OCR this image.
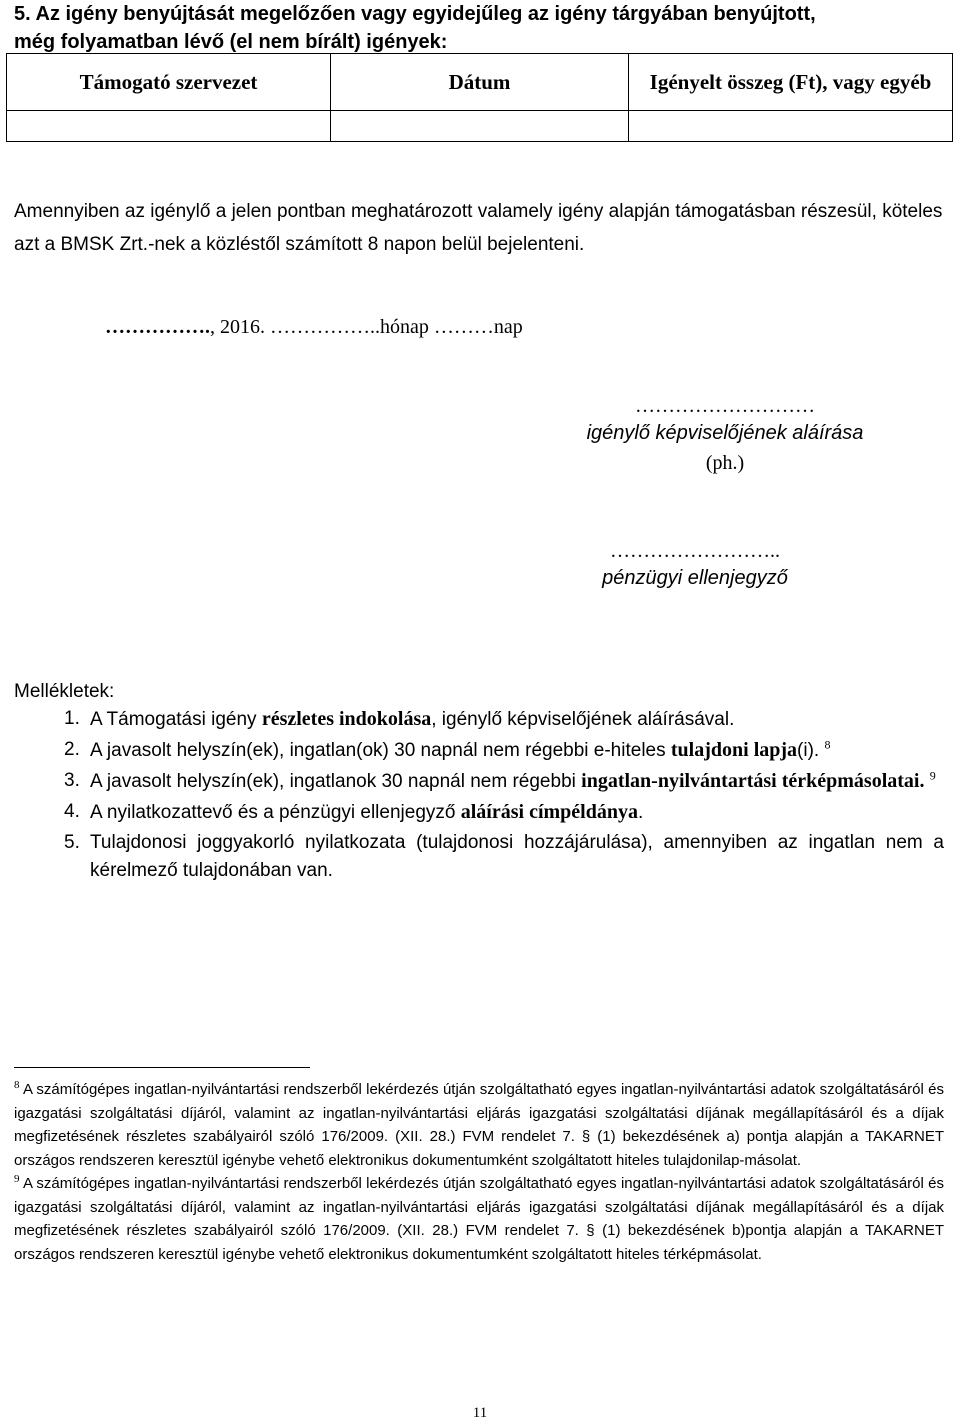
5. Az igény benyújtását megelőzően vagy egyidejűleg az igény tárgyában benyújtott,
még folyamatban lévő (el nem bírált) igények:
Támogató szervezet	Dátum	Igényelt összeg (Ft), vagy egyéb

Amennyiben az igénylő a jelen pontban meghatározott valamely igény alapján támogatásban részesül, köteles azt a BMSK Zrt.-nek a közléstől számított 8 napon belül bejelenteni.
……………., 2016. ……………..hónap ………nap
………………………
igénylő képviselőjének aláírása
(ph.)
……………………..
pénzügyi ellenjegyző
Mellékletek:
1. A Támogatási igény részletes indokolása, igénylő képviselőjének aláírásával.
2. A javasolt helyszín(ek), ingatlan(ok) 30 napnál nem régebbi e-hiteles tulajdoni lapja(i). $^8$
3. A javasolt helyszín(ek), ingatlanok 30 napnál nem régebbi ingatlan-nyilvántartási térképmásolatai. $^9$
4. A nyilatkozattevő és a pénzügyi ellenjegyző aláírási címpéldánya.
5. Tulajdonosi joggyakorló nyilatkozata (tulajdonosi hozzájárulása), amennyiben az ingatlan nem a kérelmező tulajdonában van.

$^8$ A számítógépes ingatlan-nyilvántartási rendszerből lekérdezés útján szolgáltatható egyes ingatlan-nyilvántartási adatok szolgáltatásáról és igazgatási szolgáltatási díjáról, valamint az ingatlan-nyilvántartási eljárás igazgatási szolgáltatási díjának megállapításáról és a díjak megfizetésének részletes szabályairól szóló 176/2009. (XII. 28.) FVM rendelet 7. § (1) bekezdésének a) pontja alapján a TAKARNET országos rendszeren keresztül igénybe vehető elektronikus dokumentumként szolgáltatott hiteles tulajdonilap-másolat.

$^9$ A számítógépes ingatlan-nyilvántartási rendszerből lekérdezés útján szolgáltatható egyes ingatlan-nyilvántartási adatok szolgáltatásáról és igazgatási szolgáltatási díjáról, valamint az ingatlan-nyilvántartási eljárás igazgatási szolgáltatási díjának megállapításáról és a díjak megfizetésének részletes szabályairól szóló 176/2009. (XII. 28.) FVM rendelet 7. § (1) bekezdésének b)pontja alapján a TAKARNET országos rendszeren keresztül igénybe vehető elektronikus dokumentumként szolgáltatott hiteles térképmásolat.

11
